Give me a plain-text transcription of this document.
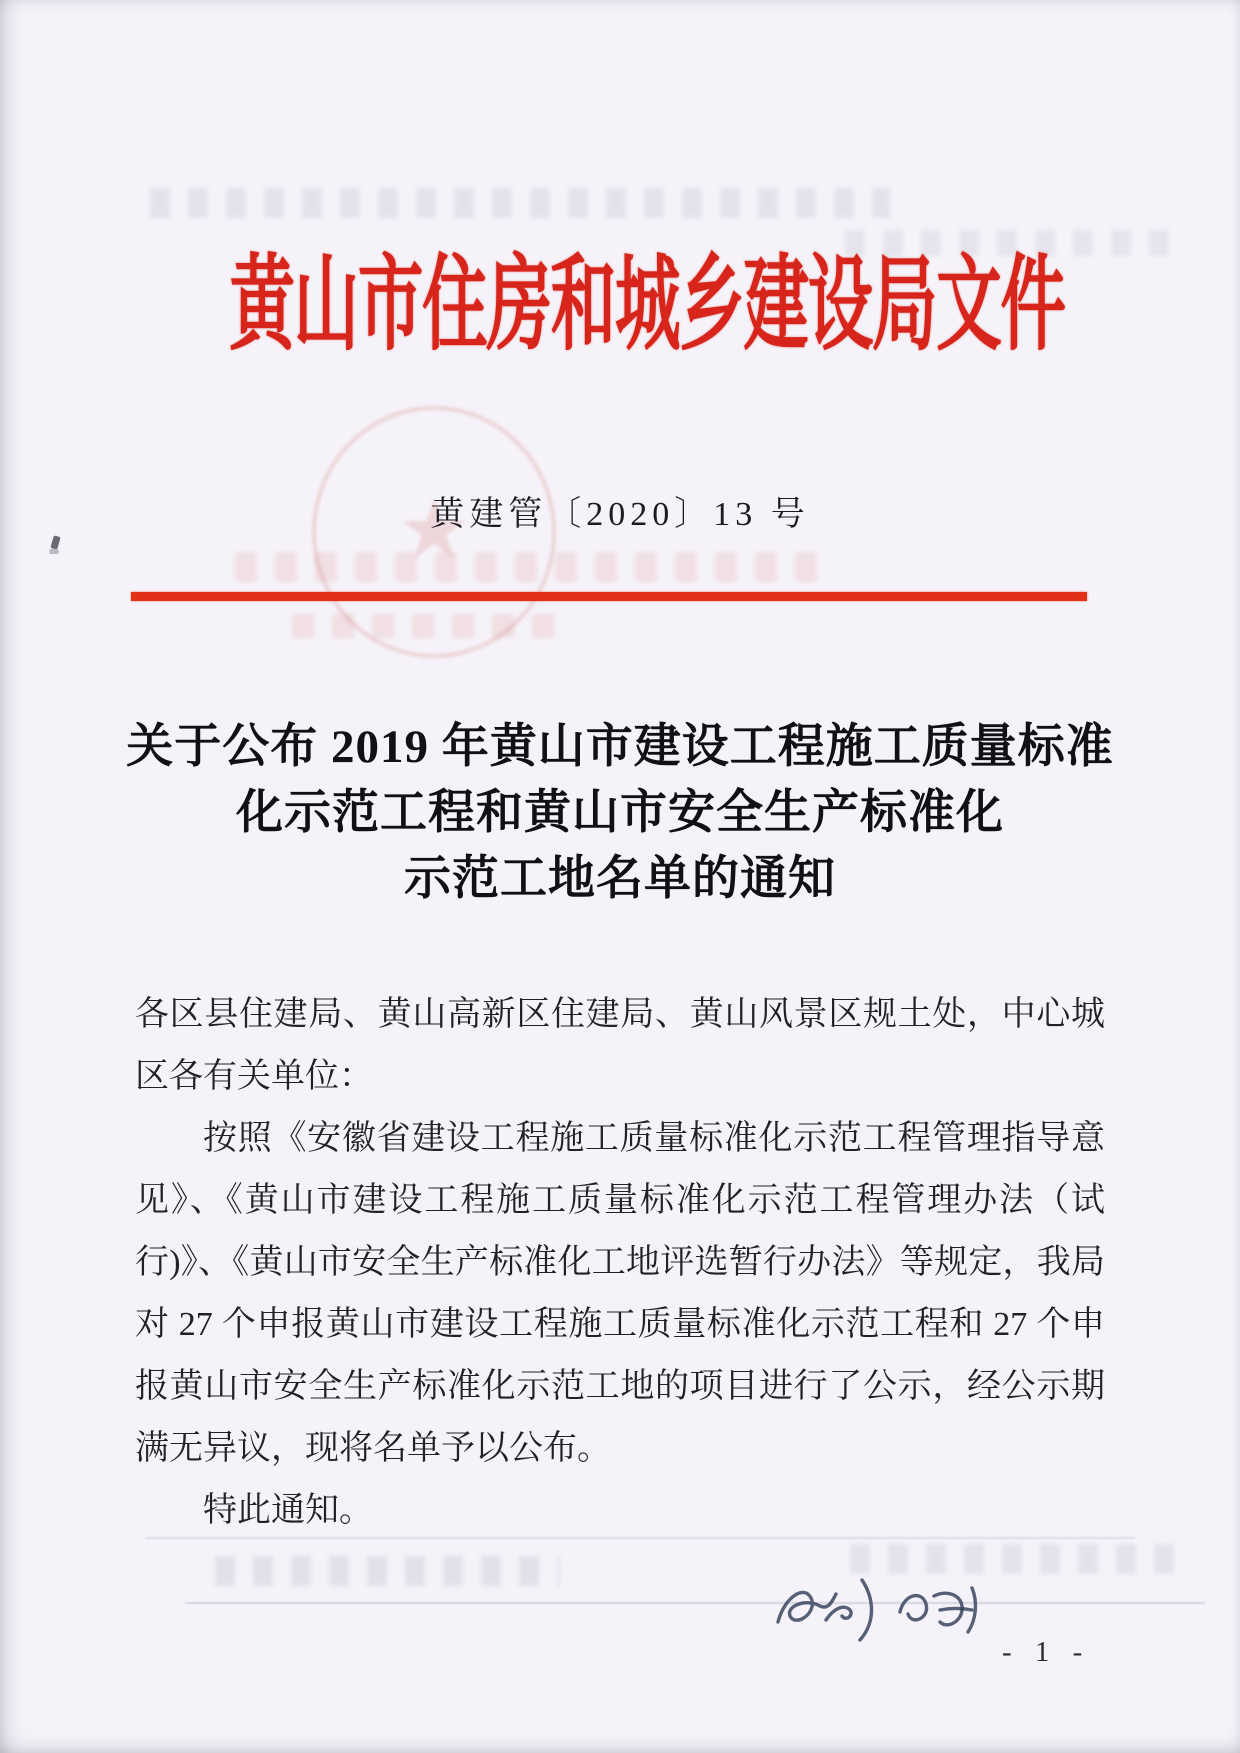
★
黄山市住房和城乡建设局文件
黄建管〔2020〕13 号
关于公布 2019 年黄山市建设工程施工质量标准
化示范工程和黄山市安全生产标准化
示范工地名单的通知
各区县住建局、黄山高新区住建局、黄山风景区规土处，中心城
区各有关单位：
按照《安徽省建设工程施工质量标准化示范工程管理指导意
见》、《黄山市建设工程施工质量标准化示范工程管理办法（试
行)》、《黄山市安全生产标准化工地评选暂行办法》等规定，我局
对 27 个申报黄山市建设工程施工质量标准化示范工程和 27 个申
报黄山市安全生产标准化示范工地的项目进行了公示，经公示期
满无异议，现将名单予以公布。
特此通知。
- 1 -
